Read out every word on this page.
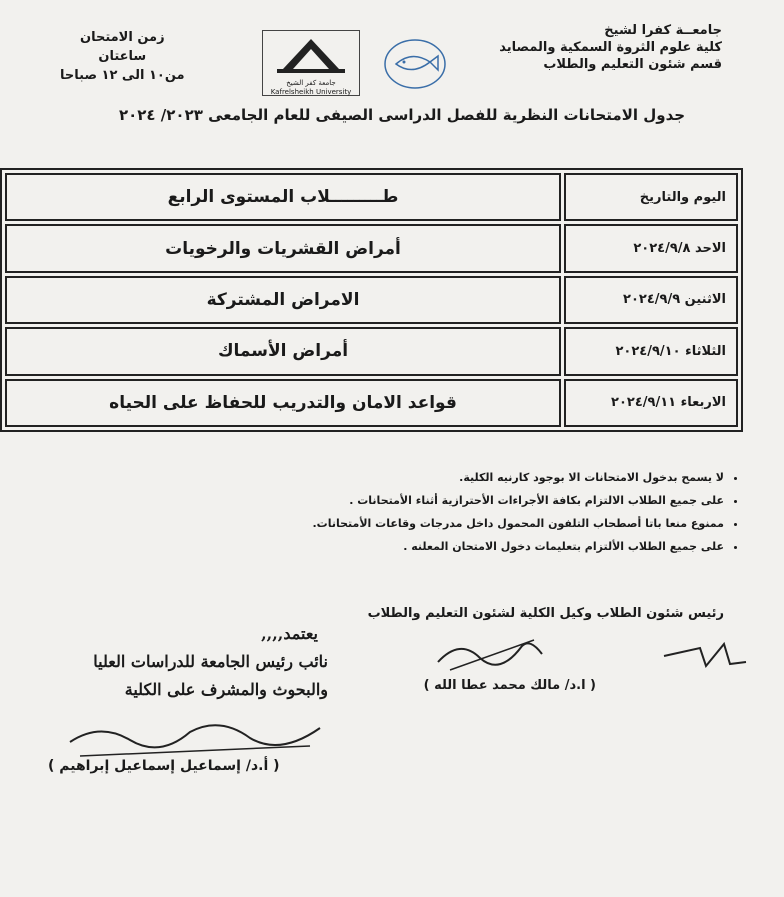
جامعــة كفرا لشيخ
كلية علوم الثروة السمكية والمصايد
قسم شئون التعليم والطلاب
جامعة كفر الشيخ
Kafrelsheikh University
زمن الامتحان
ساعتان
من١٠ الى ١٢ صباحا
جدول الامتحانات النظرية للفصل الدراسى الصيفى للعام الجامعى ٢٠٢٣/ ٢٠٢٤
اليوم والتاريخ	طـــــــــلاب المستوى الرابع
الاحد ٢٠٢٤/٩/٨	أمراض القشريات والرخويات
الاثنين ٢٠٢٤/٩/٩	الامراض المشتركة
الثلاثاء ٢٠٢٤/٩/١٠	أمراض الأسماك
الاربعاء ٢٠٢٤/٩/١١	قواعد الامان والتدريب للحفاظ على الحياه
• لا يسمح بدخول الامتحانات الا بوجود كارنيه الكلية.
• على جميع الطلاب الالتزام بكافة الأجراءات الأحترازية أثناء الأمتحانات .
• ممنوع منعا باتا أصطحاب التلفون المحمول داخل مدرجات وقاعات الأمتحانات.
• على جميع الطلاب الألتزام بتعليمات دخول الامتحان المعلنه .
رئيس شئون الطلاب وكيل الكلية لشئون التعليم والطلاب
( ا.د/ مالك محمد عطا الله )
يعتمد,,,,
نائب رئيس الجامعة للدراسات العليا
والبحوث والمشرف على الكلية
( أ.د/ إسماعيل إسماعيل إبراهيم )
